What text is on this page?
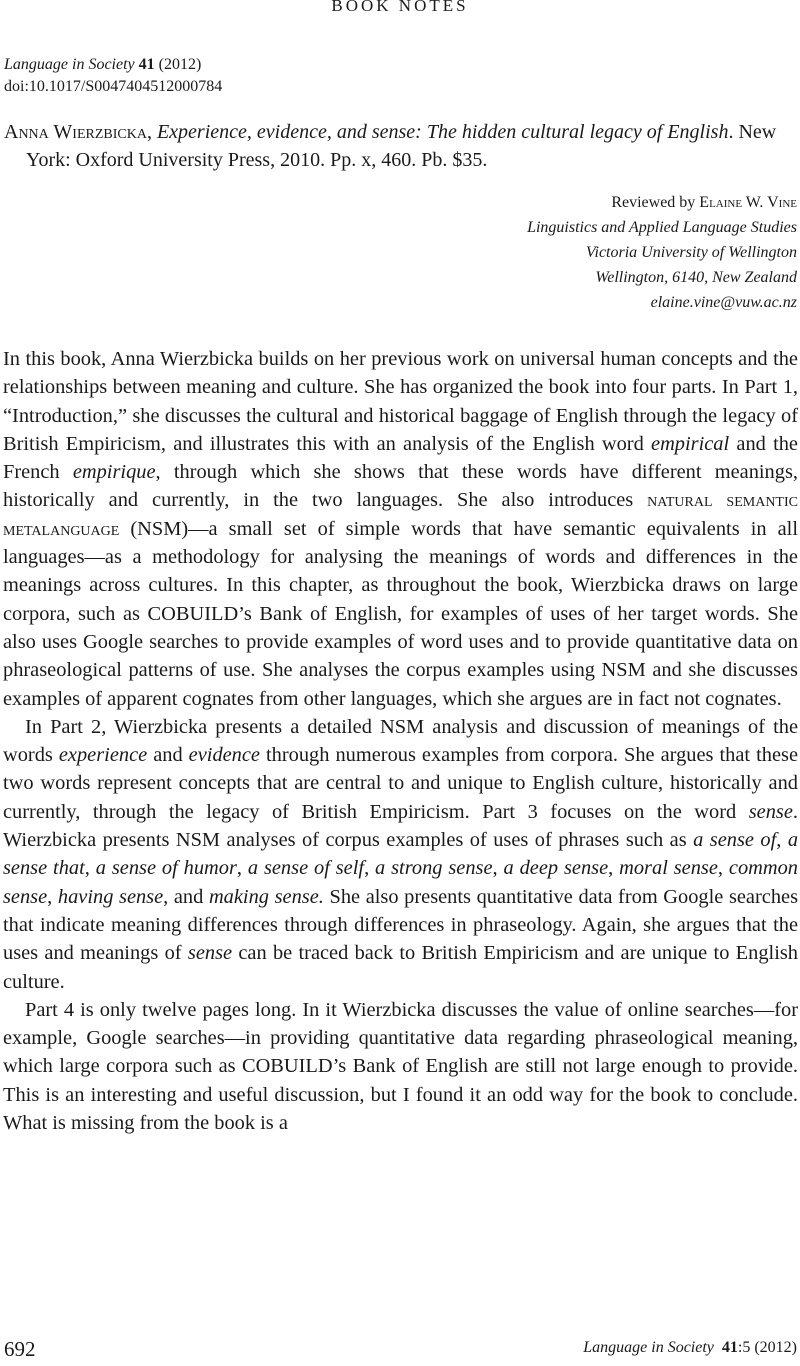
BOOK NOTES
Language in Society 41 (2012)
doi:10.1017/S0047404512000784

Anna Wierzbicka, Experience, evidence, and sense: The hidden cultural legacy of English. New York: Oxford University Press, 2010. Pp. x, 460. Pb. $35.

Reviewed by Elaine W. Vine
Linguistics and Applied Language Studies
Victoria University of Wellington
Wellington, 6140, New Zealand
elaine.vine@vuw.ac.nz

In this book, Anna Wierzbicka builds on her previous work on universal human concepts and the relationships between meaning and culture. She has organized the book into four parts. In Part 1, “Introduction,” she discusses the cultural and historical baggage of English through the legacy of British Empiricism, and illustrates this with an analysis of the English word empirical and the French empirique, through which she shows that these words have different meanings, historically and currently, in the two languages. She also introduces natural semantic metalanguage (NSM)—a small set of simple words that have semantic equivalents in all languages—as a methodology for analysing the meanings of words and differences in the meanings across cultures. In this chapter, as throughout the book, Wierzbicka draws on large corpora, such as COBUILD’s Bank of English, for examples of uses of her target words. She also uses Google searches to provide examples of word uses and to provide quantitative data on phraseological patterns of use. She analyses the corpus examples using NSM and she discusses examples of apparent cognates from other languages, which she argues are in fact not cognates.

In Part 2, Wierzbicka presents a detailed NSM analysis and discussion of meanings of the words experience and evidence through numerous examples from corpora. She argues that these two words represent concepts that are central to and unique to English culture, historically and currently, through the legacy of British Empiricism. Part 3 focuses on the word sense. Wierzbicka presents NSM analyses of corpus examples of uses of phrases such as a sense of, a sense that, a sense of humor, a sense of self, a strong sense, a deep sense, moral sense, common sense, having sense, and making sense. She also presents quantitative data from Google searches that indicate meaning differences through differences in phraseology. Again, she argues that the uses and meanings of sense can be traced back to British Empiricism and are unique to English culture.

Part 4 is only twelve pages long. In it Wierzbicka discusses the value of online searches—for example, Google searches—in providing quantitative data regarding phraseological meaning, which large corpora such as COBUILD’s Bank of English are still not large enough to provide. This is an interesting and useful discussion, but I found it an odd way for the book to conclude. What is missing from the book is a

692	Language in Society 41:5 (2012)
